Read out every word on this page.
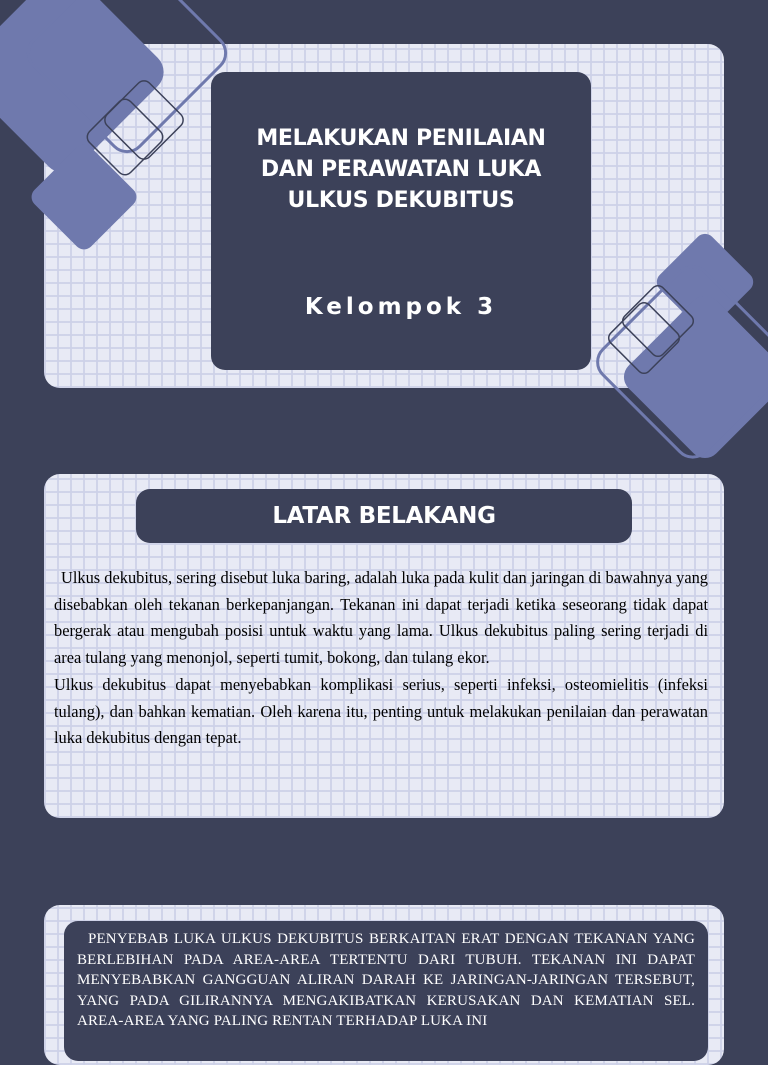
MELAKUKAN PENILAIAN
DAN PERAWATAN LUKA
ULKUS DEKUBITUS
Kelompok 3
LATAR BELAKANG

Ulkus dekubitus, sering disebut luka baring, adalah luka pada kulit dan jaringan di bawahnya yang disebabkan oleh tekanan berkepanjangan. Tekanan ini dapat terjadi ketika seseorang tidak dapat bergerak atau mengubah posisi untuk waktu yang lama. Ulkus dekubitus paling sering terjadi di area tulang yang menonjol, seperti tumit, bokong, dan tulang ekor.

Ulkus dekubitus dapat menyebabkan komplikasi serius, seperti infeksi, osteomielitis (infeksi tulang), dan bahkan kematian. Oleh karena itu, penting untuk melakukan penilaian dan perawatan luka dekubitus dengan tepat.

PENYEBAB LUKA ULKUS DEKUBITUS BERKAITAN ERAT DENGAN TEKANAN YANG BERLEBIHAN PADA AREA-AREA TERTENTU DARI TUBUH. TEKANAN INI DAPAT MENYEBABKAN GANGGUAN ALIRAN DARAH KE JARINGAN-JARINGAN TERSEBUT, YANG PADA GILIRANNYA MENGAKIBATKAN KERUSAKAN DAN KEMATIAN SEL. AREA-AREA YANG PALING RENTAN TERHADAP LUKA INI
